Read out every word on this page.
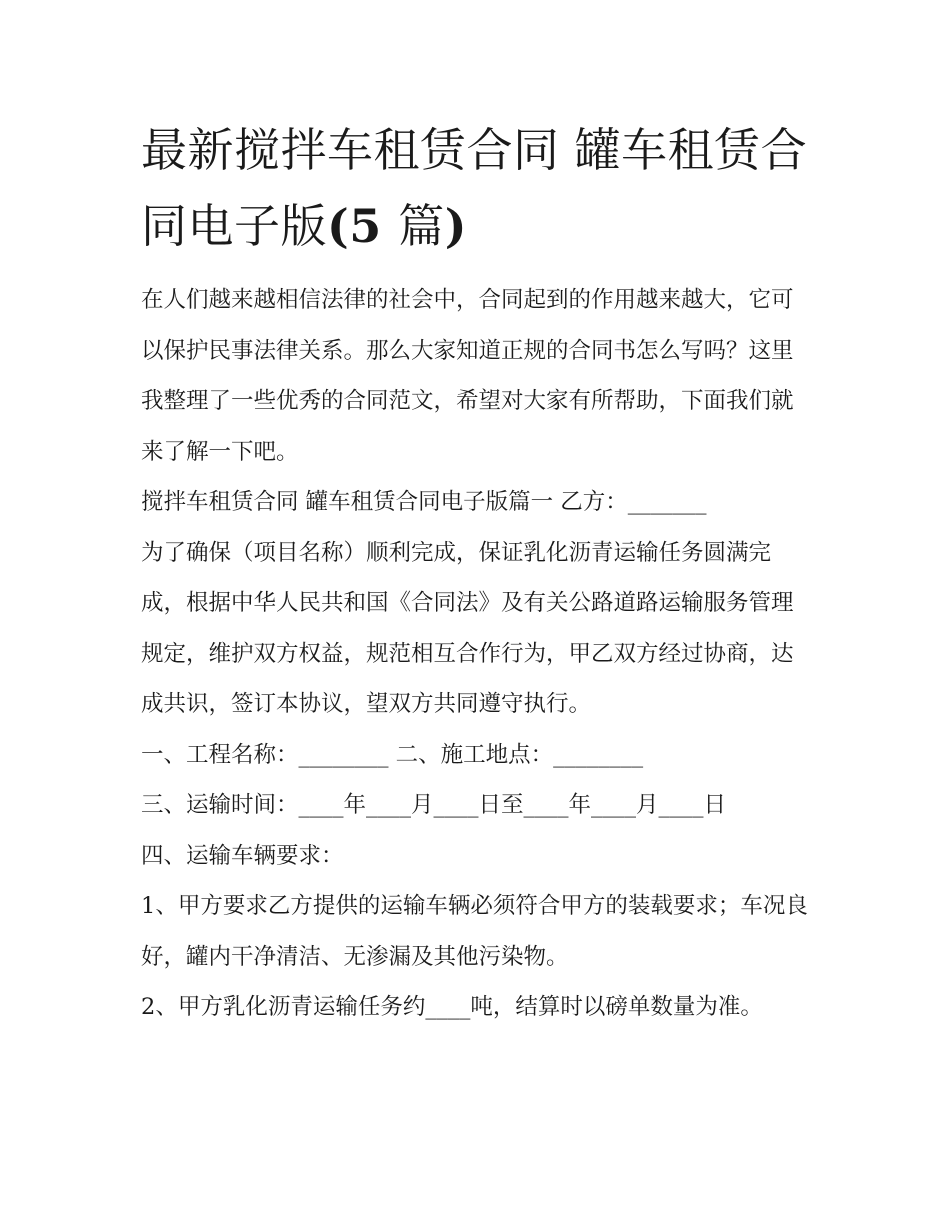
最新搅拌车租赁合同 罐车租赁合同电子版(5 篇)

在人们越来越相信法律的社会中，合同起到的作用越来越大，它可以保护民事法律关系。那么大家知道正规的合同书怎么写吗？这里我整理了一些优秀的合同范文，希望对大家有所帮助，下面我们就来了解一下吧。

搅拌车租赁合同 罐车租赁合同电子版篇一 乙方：_______

为了确保（项目名称）顺利完成，保证乳化沥青运输任务圆满完成，根据中华人民共和国《合同法》及有关公路道路运输服务管理规定，维护双方权益，规范相互合作行为，甲乙双方经过协商，达成共识，签订本协议，望双方共同遵守执行。

一、工程名称：________ 二、施工地点：________

三、运输时间：____年____月____日至____年____月____日

四、运输车辆要求：

1、甲方要求乙方提供的运输车辆必须符合甲方的装载要求；车况良好，罐内干净清洁、无渗漏及其他污染物。

2、甲方乳化沥青运输任务约____吨，结算时以磅单数量为准。
